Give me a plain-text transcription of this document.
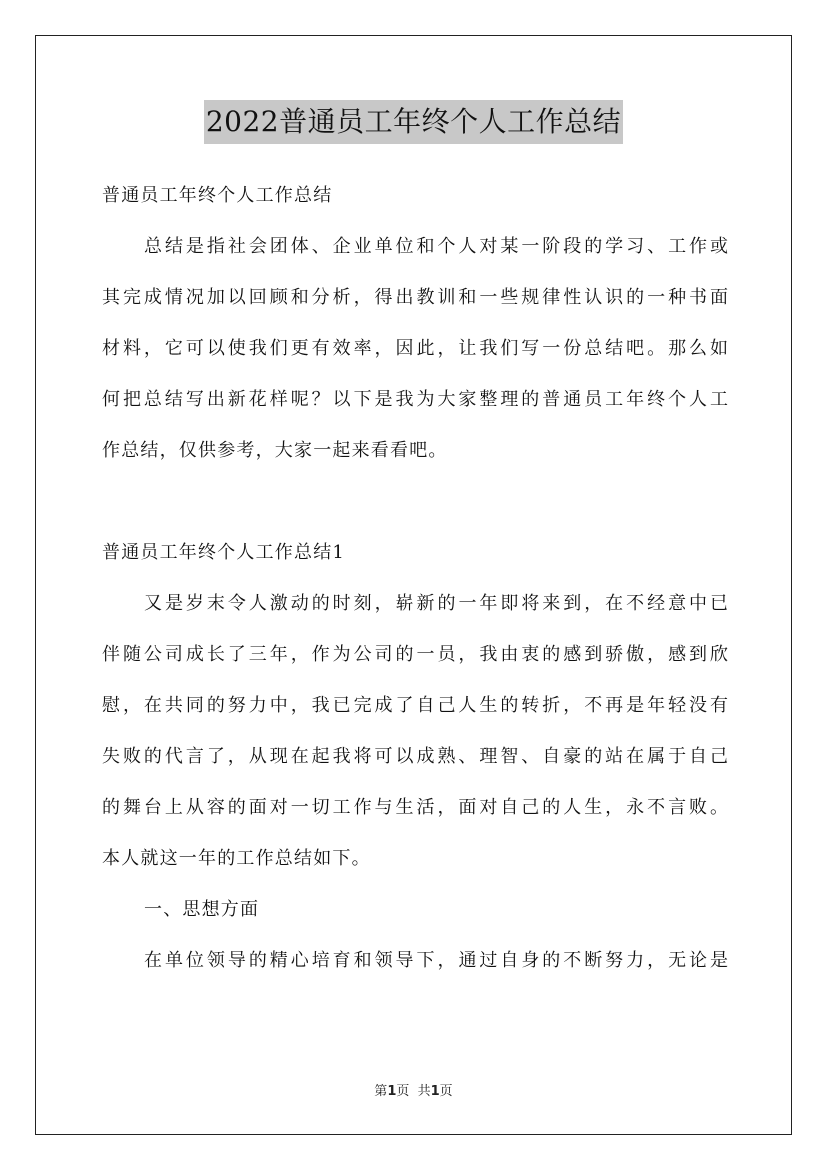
2022普通员工年终个人工作总结

普通员工年终个人工作总结

总结是指社会团体、企业单位和个人对某一阶段的学习、工作或

其完成情况加以回顾和分析，得出教训和一些规律性认识的一种书面

材料，它可以使我们更有效率，因此，让我们写一份总结吧。那么如

何把总结写出新花样呢？以下是我为大家整理的普通员工年终个人工

作总结，仅供参考，大家一起来看看吧。

普通员工年终个人工作总结1

又是岁末令人激动的时刻，崭新的一年即将来到，在不经意中已

伴随公司成长了三年，作为公司的一员，我由衷的感到骄傲，感到欣

慰，在共同的努力中，我已完成了自己人生的转折，不再是年轻没有

失败的代言了，从现在起我将可以成熟、理智、自豪的站在属于自己

的舞台上从容的面对一切工作与生活，面对自己的人生，永不言败。

本人就这一年的工作总结如下。

一、思想方面

在单位领导的精心培育和领导下，通过自身的不断努力，无论是

第1页  共1页
